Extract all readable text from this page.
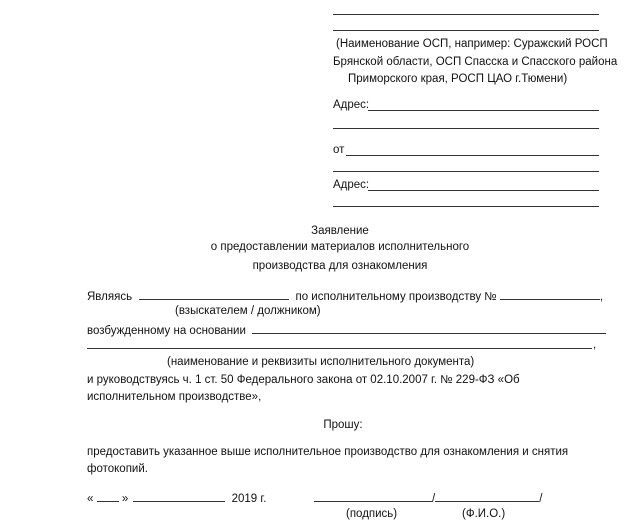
(Наименование ОСП, например: Суражский РОСП
Брянской области, ОСП Спасска и Спасского района
Приморского края, РОСП ЦАО г.Тюмени)
Адрес:
от
Адрес:
Заявление
о предоставлении материалов исполнительного
производства для ознакомления
Являясь	по исполнительному производству №	,
(взыскателем / должником)
возбужденному на основании
,
(наименование и реквизиты исполнительного документа)
и руководствуясь ч. 1 ст. 50 Федерального закона от 02.10.2007 г. № 229-ФЗ «Об
исполнительном производстве»,
Прошу:
предоставить указанное выше исполнительное производство для ознакомления и снятия
фотокопий.
« »	2019 г.	/	/
(подпись)	(Ф.И.О.)
